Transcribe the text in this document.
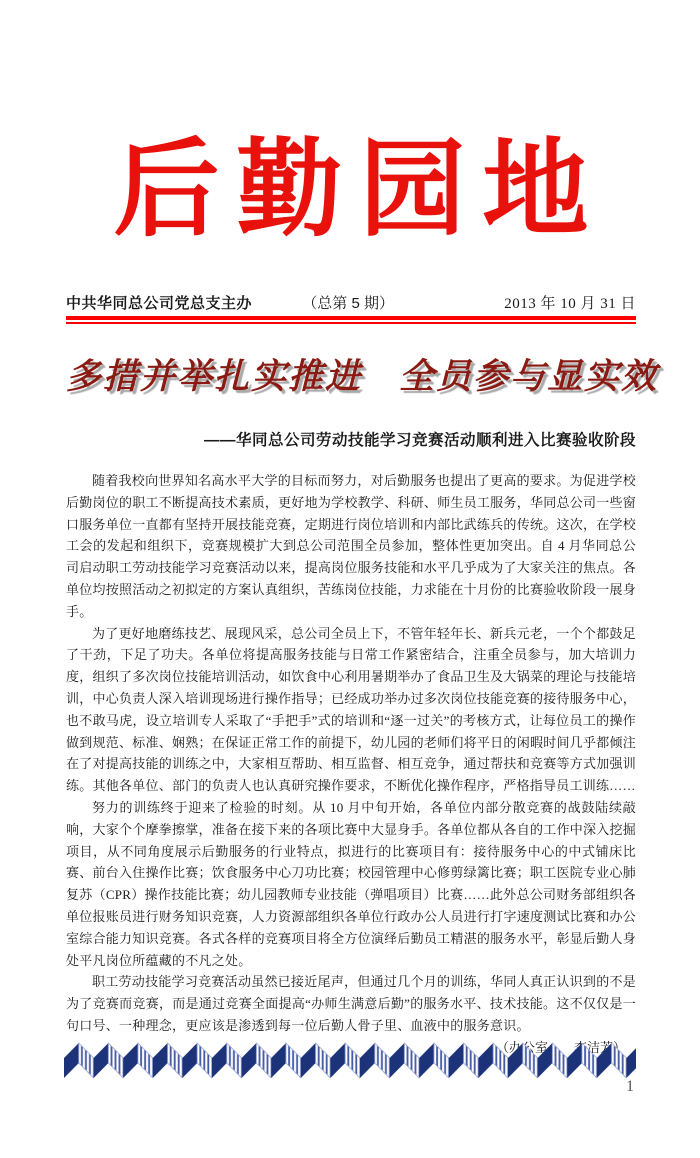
后勤园地
中共华同总公司党总支主办	（总第 5 期）	2013 年 10 月 31 日
多措并举扎实推进　全员参与显实效
——华同总公司劳动技能学习竞赛活动顺利进入比赛验收阶段

随着我校向世界知名高水平大学的目标而努力，对后勤服务也提出了更高的要求。为促进学校后勤岗位的职工不断提高技术素质，更好地为学校教学、科研、师生员工服务，华同总公司一些窗口服务单位一直都有坚持开展技能竞赛，定期进行岗位培训和内部比武练兵的传统。这次，在学校工会的发起和组织下，竞赛规模扩大到总公司范围全员参加，整体性更加突出。自 4 月华同总公司启动职工劳动技能学习竞赛活动以来，提高岗位服务技能和水平几乎成为了大家关注的焦点。各单位均按照活动之初拟定的方案认真组织，苦练岗位技能，力求能在十月份的比赛验收阶段一展身手。

为了更好地磨练技艺、展现风采，总公司全员上下，不管年轻年长、新兵元老，一个个都鼓足了干劲，下足了功夫。各单位将提高服务技能与日常工作紧密结合，注重全员参与，加大培训力度，组织了多次岗位技能培训活动，如饮食中心利用暑期举办了食品卫生及大锅菜的理论与技能培训，中心负责人深入培训现场进行操作指导；已经成功举办过多次岗位技能竞赛的接待服务中心，也不敢马虎，设立培训专人采取了“手把手”式的培训和“逐一过关”的考核方式，让每位员工的操作做到规范、标准、娴熟；在保证正常工作的前提下，幼儿园的老师们将平日的闲暇时间几乎都倾注在了对提高技能的训练之中，大家相互帮助、相互监督、相互竞争，通过帮扶和竞赛等方式加强训练。其他各单位、部门的负责人也认真研究操作要求，不断优化操作程序，严格指导员工训练……

努力的训练终于迎来了检验的时刻。从 10 月中旬开始，各单位内部分散竞赛的战鼓陆续敲响，大家个个摩拳擦掌，准备在接下来的各项比赛中大显身手。各单位都从各自的工作中深入挖掘项目，从不同角度展示后勤服务的行业特点，拟进行的比赛项目有：接待服务中心的中式铺床比赛、前台入住操作比赛；饮食服务中心刀功比赛；校园管理中心修剪绿篱比赛；职工医院专业心肺复苏（CPR）操作技能比赛；幼儿园教师专业技能（弹唱项目）比赛……此外总公司财务部组织各单位报账员进行财务知识竞赛，人力资源部组织各单位行政办公人员进行打字速度测试比赛和办公室综合能力知识竞赛。各式各样的竞赛项目将全方位演绎后勤员工精湛的服务水平，彰显后勤人身处平凡岗位所蕴藏的不凡之处。

职工劳动技能学习竞赛活动虽然已接近尾声，但通过几个月的训练，华同人真正认识到的不是为了竞赛而竞赛，而是通过竞赛全面提高“办师生满意后勤”的服务水平、技术技能。这不仅仅是一句口号、一种理念，更应该是渗透到每一位后勤人骨子里、血液中的服务意识。

1
